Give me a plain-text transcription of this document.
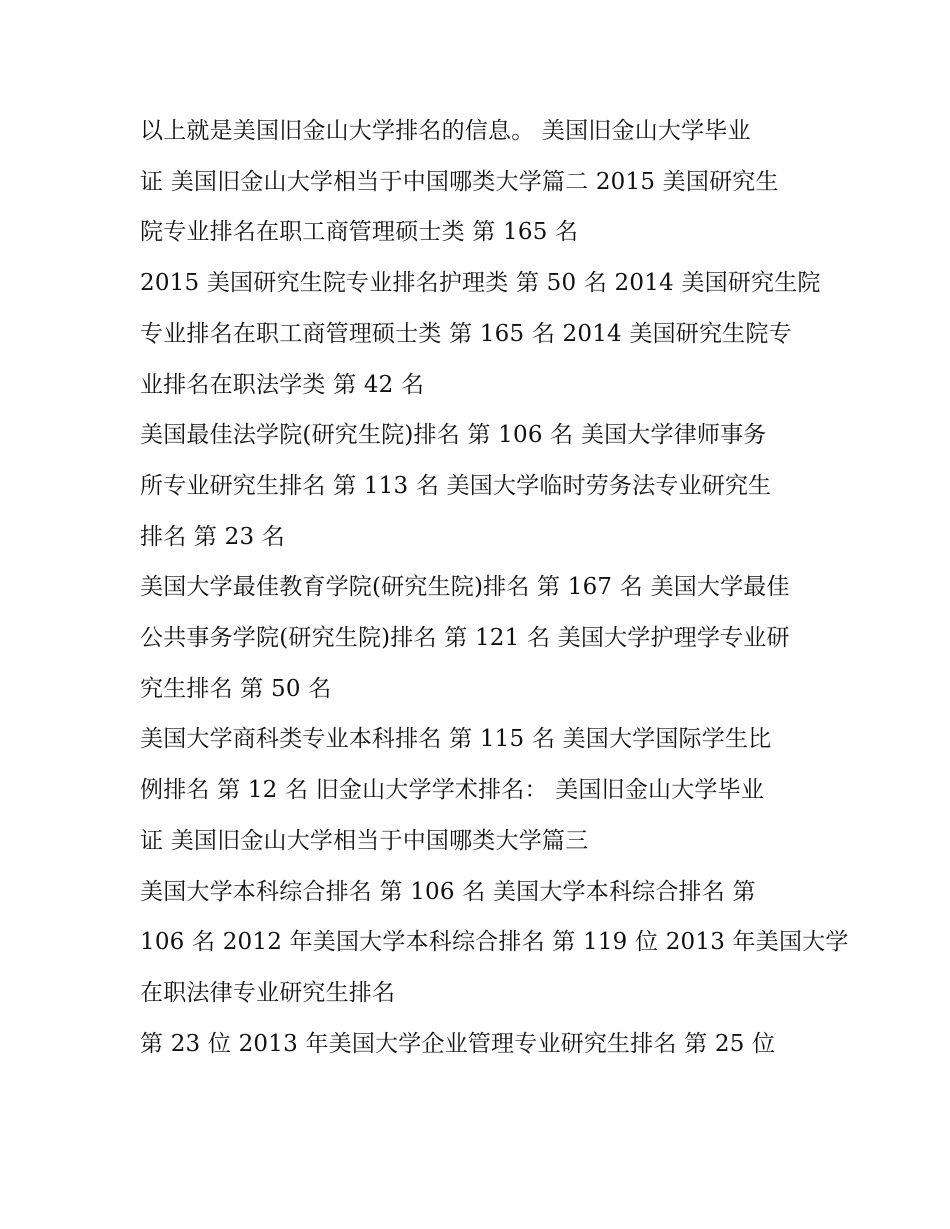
以上就是美国旧金山大学排名的信息。 美国旧金山大学毕业
证 美国旧金山大学相当于中国哪类大学篇二 2015 美国研究生
院专业排名在职工商管理硕士类 第 165 名
2015 美国研究生院专业排名护理类 第 50 名 2014 美国研究生院
专业排名在职工商管理硕士类 第 165 名 2014 美国研究生院专
业排名在职法学类 第 42 名
美国最佳法学院(研究生院)排名 第 106 名 美国大学律师事务
所专业研究生排名 第 113 名 美国大学临时劳务法专业研究生
排名 第 23 名
美国大学最佳教育学院(研究生院)排名 第 167 名 美国大学最佳
公共事务学院(研究生院)排名 第 121 名 美国大学护理学专业研
究生排名 第 50 名
美国大学商科类专业本科排名 第 115 名 美国大学国际学生比
例排名 第 12 名 旧金山大学学术排名： 美国旧金山大学毕业
证 美国旧金山大学相当于中国哪类大学篇三
美国大学本科综合排名 第 106 名 美国大学本科综合排名 第
106 名 2012 年美国大学本科综合排名 第 119 位 2013 年美国大学
在职法律专业研究生排名
第 23 位 2013 年美国大学企业管理专业研究生排名 第 25 位
